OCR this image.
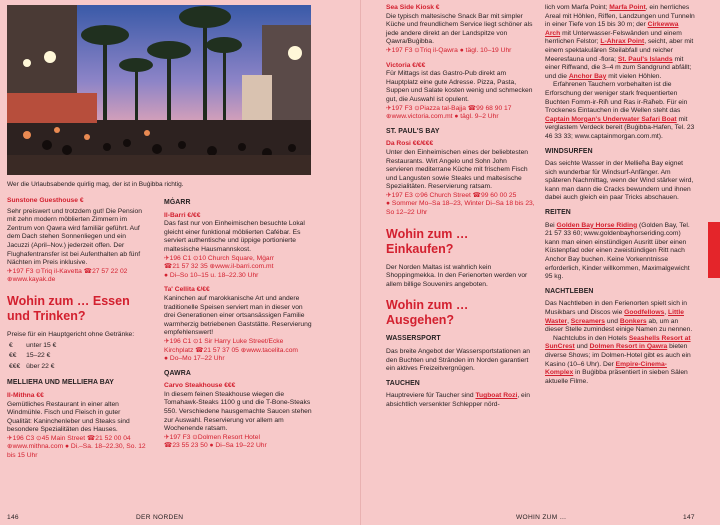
Wer die Urlaubsabende quirlig mag, der ist in Buġibba richtig.

Sunstone Guesthouse €

Sehr preiswert und trotzdem gut! Die Pension mit zehn modern möblierten Zimmern im Zentrum von Qawra wird familiär geführt. Auf dem Dach stehen Sonnenliegen und ein Jacuzzi (April–Nov.) jederzeit offen. Der Flughafentransfer ist bei Aufenthalten ab fünf Nächten im Preis inklusive.

✈197 F3 ⊙Triq il-Kavetta ☎27 57 22 02

⊕www.kayak.de

Wohin zum … Essen und Trinken?

Preise für ein Hauptgericht ohne Getränke:

€	unter 15 €
€€	15–22 €
€€€	über 22 €
MELLIEĦA UND MELLIEĦA BAY

Il-Mithna €€

Gemütliches Restaurant in einer alten Windmühle. Fisch und Fleisch in guter Qualität: Kaninchenleber und Steaks sind besondere Spezialitäten des Hauses.

✈196 C3 ⊙45 Main Street ☎21 52 00 04

⊕www.mithna.com ● Di.–Sa. 18–22.30, So. 12 bis 15 Uhr

MĠARR

Il-Barri €/€€

Das fast nur von Einheimischen besuchte Lokal gleicht einer funktional möblierten Cafébar. Es serviert authentische und üppige portionierte maltesische Hausmannskost.

✈196 C1 ⊙10 Church Square, Mġarr

☎21 57 32 35 ⊕www.il-barri.com.mt

● Di–So 10–15 u. 18–22.30 Uhr

Ta' Cellita €/€€

Kaninchen auf marokkanische Art und andere traditionelle Speisen serviert man in dieser von drei Generationen einer ortsansässigen Familie warmherzig betriebenen Gaststätte. Reservierung empfehlenswert!

✈196 C1 ⊙1 Sir Harry Luke Street/Ecke Kirchplatz ☎21 57 37 05 ⊕www.tacelita.com

● Do–Mo 17–22 Uhr

QAWRA

Carvo Steakhouse €€€

In diesem feinen Steakhouse wiegen die Tomahawk-Steaks 1100 g und die T-Bone-Steaks 550. Verschiedene hausgemachte Saucen stehen zur Auswahl. Reservierung vor allem am Wochenende ratsam.

✈197 F3 ⊙Dolmen Resort Hotel

☎23 55 23 50 ● Di–Sa 19–22 Uhr

146	DER NORDEN

Sea Side Kiosk €

Die typisch maltesische Snack Bar mit simpler Küche und freundlichem Service liegt schöner als jede andere direkt an der Landspitze von Qawra/Buġibba.

✈197 F3 ⊙Triq il-Qawra ● tägl. 10–19 Uhr

Victoria €/€€

Für Mittags ist das Gastro-Pub direkt am Hauptplatz eine gute Adresse. Pizza, Pasta, Suppen und Salate kosten wenig und schmecken gut, die Auswahl ist opulent.

✈197 F3 ⊙Piazza tal-Bajja ☎99 68 90 17

⊕www.victoria.com.mt ● tägl. 9–2 Uhr

ST. PAUL'S BAY

Da Rosi €€/€€€

Unter den Einheimischen eines der beliebtesten Restaurants. Wirt Angelo und Sohn John servieren mediterrane Küche mit frischem Fisch und Langusten sowie Steaks und maltesische Spezialitäten. Reservierung ratsam.

✈197 E3 ⊙96 Church Street ☎99 60 00 25

● Sommer Mo–Sa 18–23, Winter Di–Sa 18 bis 23, So 12–22 Uhr

Wohin zum … Einkaufen?

Der Norden Maltas ist wahrlich kein Shoppingmekka. In den Ferienorten werden vor allem billige Souvenirs angeboten.

Wohin zum … Ausgehen?
WASSERSPORT

Das breite Angebot der Wassersportstationen an den Buchten und Stränden im Norden garantiert ein aktives Freizeitvergnügen.

TAUCHEN

Hauptreviere für Taucher sind Tugboat Rozi, ein absichtlich versenkter Schlepper nörd-

lich vom Marfa Point; Marfa Point, ein herrliches Areal mit Höhlen, Riffen, Landzungen und Tunneln in einer Tiefe von 15 bis 30 m; der Cirkewwa Arch mit Unterwasser-Felswänden und einem herrlichen Felstor; L-Ahrax Point, seicht, aber mit einem spektakulären Steilabfall und reicher Meeresfauna und -flora; St. Paul's Islands mit einer Riffwand, die 3–4 m zum Sandgrund abfällt; und die Anchor Bay mit vielen Höhlen.

Erfahrenen Tauchern vorbehalten ist die Erforschung der weniger stark frequentierten Buchten Fomm-ir-Riħ und Ras ir-Raħeb. Für ein Trockenes Eintauchen in die Wellen steht das Captain Morgan's Underwater Safari Boat mit verglastem Verdeck bereit (Buġibba-Hafen, Tel. 23 46 33 33; www.captainmorgan.com.mt).

WINDSURFEN

Das seichte Wasser in der Mellieħa Bay eignet sich wunderbar für Windsurf-Anfänger. Am späteren Nachmittag, wenn der Wind stärker wird, kann man dann die Cracks bewundern und ihnen dabei auch gleich ein paar Tricks abschauen.

REITEN

Bei Golden Bay Horse Riding (Golden Bay, Tel. 21 57 33 60; www.goldenbayhorseriding.com) kann man einen einstündigen Ausritt über einen Küstenpfad oder einen zweistündigen Ritt nach Anchor Bay buchen. Keine Vorkenntnisse erforderlich, Kinder willkommen, Maximalgewicht 95 kg.

NACHTLEBEN

Das Nachtleben in den Ferienorten spielt sich in Musikbars und Discos wie Goodfellows, Little Waster, Screamers und Bonkers ab, um an dieser Stelle zumindest einige Namen zu nennen.

Nachtclubs in den Hotels Seashells Resort at SunCrest und Dolmen Resort in Qawra bieten diverse Shows; im Dolmen-Hotel gibt es auch ein Kasino (10–6 Uhr). Der Empire-Cinema-Komplex in Buġibba präsentiert in sieben Sälen aktuelle Filme.

WOHIN ZUM …	147
